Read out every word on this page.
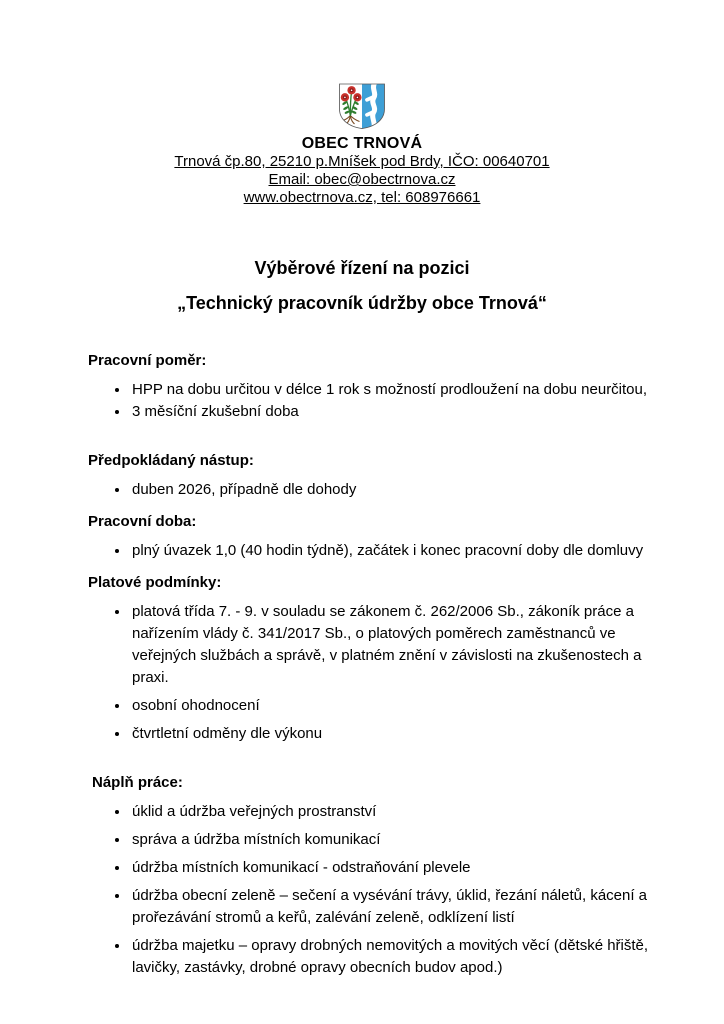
OBEC TRNOVÁ
Trnová čp.80, 25210 p.Mníšek pod Brdy, IČO: 00640701
Email: obec@obectrnova.cz
www.obectrnova.cz, tel: 608976661
Výběrové řízení na pozici
„Technický pracovník údržby obce Trnová“
Pracovní poměr:
• HPP na dobu určitou v délce 1 rok s možností prodloužení na dobu neurčitou,
• 3 měsíční zkušební doba
Předpokládaný nástup:
• duben 2026, případně dle dohody
Pracovní doba:
• plný úvazek 1,0 (40 hodin týdně), začátek i konec pracovní doby dle domluvy
Platové podmínky:
• platová třída 7. - 9. v souladu se zákonem č. 262/2006 Sb., zákoník práce a nařízením vlády č. 341/2017 Sb., o platových poměrech zaměstnanců ve veřejných službách a správě, v platném znění v závislosti na zkušenostech a praxi.
• osobní ohodnocení
• čtvrtletní odměny dle výkonu
Náplň práce:
• úklid a údržba veřejných prostranství
• správa a údržba místních komunikací
• údržba místních komunikací - odstraňování plevele
• údržba obecní zeleně – sečení a vysévání trávy, úklid, řezání náletů, kácení a prořezávání stromů a keřů, zalévání zeleně, odklízení listí
• údržba majetku – opravy drobných nemovitých a movitých věcí (dětské hřiště, lavičky, zastávky, drobné opravy obecních budov apod.)
